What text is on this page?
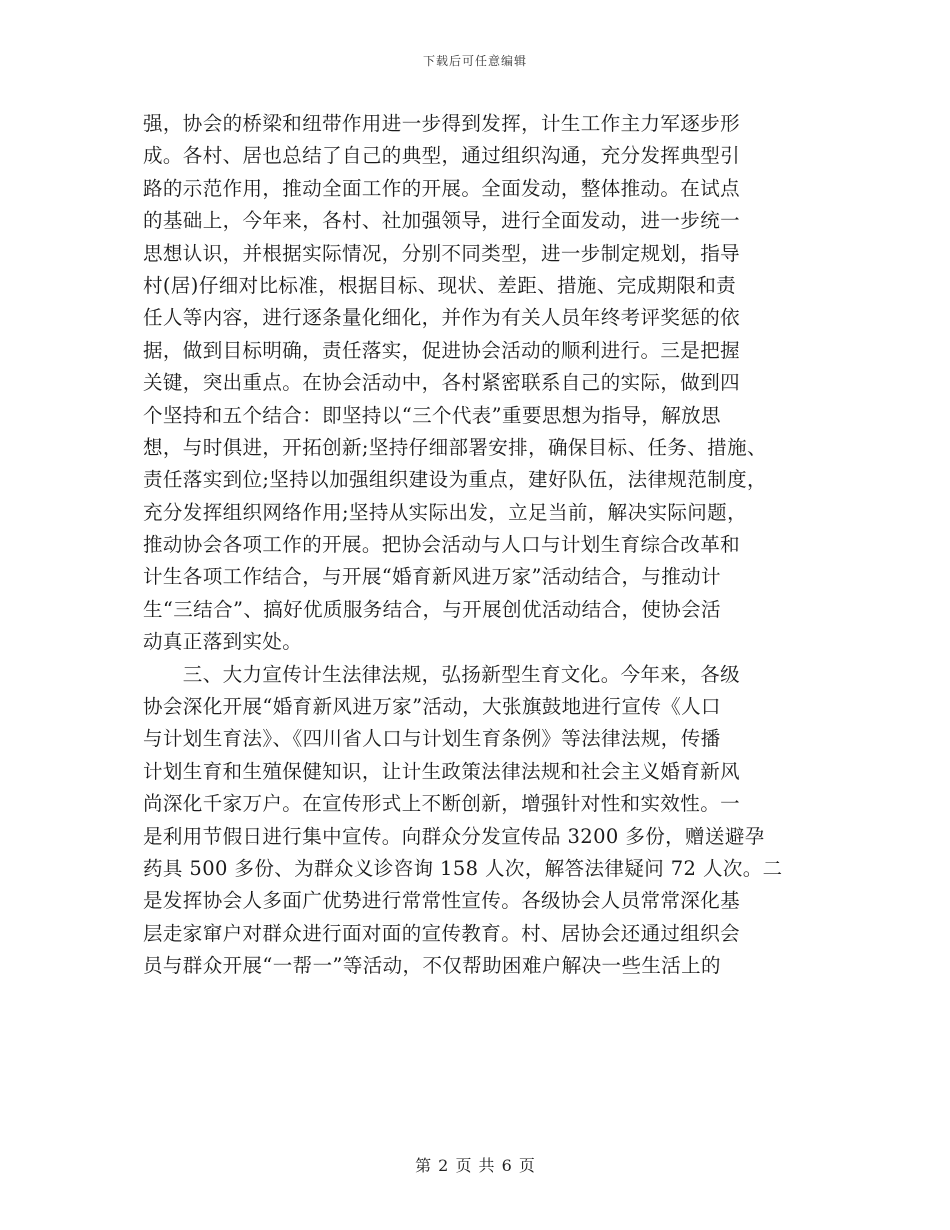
下载后可任意编辑
强，协会的桥梁和纽带作用进一步得到发挥，计生工作主力军逐步形
成。各村、居也总结了自己的典型，通过组织沟通，充分发挥典型引
路的示范作用，推动全面工作的开展。全面发动，整体推动。在试点
的基础上，今年来，各村、社加强领导，进行全面发动，进一步统一
思想认识，并根据实际情况，分别不同类型，进一步制定规划，指导
村(居)仔细对比标准，根据目标、现状、差距、措施、完成期限和责
任人等内容，进行逐条量化细化，并作为有关人员年终考评奖惩的依
据，做到目标明确，责任落实，促进协会活动的顺利进行。三是把握
关键，突出重点。在协会活动中，各村紧密联系自己的实际，做到四
个坚持和五个结合：即坚持以“三个代表”重要思想为指导，解放思
想，与时俱进，开拓创新;坚持仔细部署安排，确保目标、任务、措施、
责任落实到位;坚持以加强组织建设为重点，建好队伍，法律规范制度，
充分发挥组织网络作用;坚持从实际出发，立足当前，解决实际问题，
推动协会各项工作的开展。把协会活动与人口与计划生育综合改革和
计生各项工作结合，与开展“婚育新风进万家”活动结合，与推动计
生“三结合”、搞好优质服务结合，与开展创优活动结合，使协会活
动真正落到实处。
　　三、大力宣传计生法律法规，弘扬新型生育文化。今年来，各级
协会深化开展“婚育新风进万家”活动，大张旗鼓地进行宣传《人口
与计划生育法》、《四川省人口与计划生育条例》等法律法规，传播
计划生育和生殖保健知识，让计生政策法律法规和社会主义婚育新风
尚深化千家万户。在宣传形式上不断创新，增强针对性和实效性。一
是利用节假日进行集中宣传。向群众分发宣传品 3200 多份，赠送避孕
药具 500 多份、为群众义诊咨询 158 人次，解答法律疑问 72 人次。二
是发挥协会人多面广优势进行常常性宣传。各级协会人员常常深化基
层走家窜户对群众进行面对面的宣传教育。村、居协会还通过组织会
员与群众开展“一帮一”等活动，不仅帮助困难户解决一些生活上的
第 2 页 共 6 页
